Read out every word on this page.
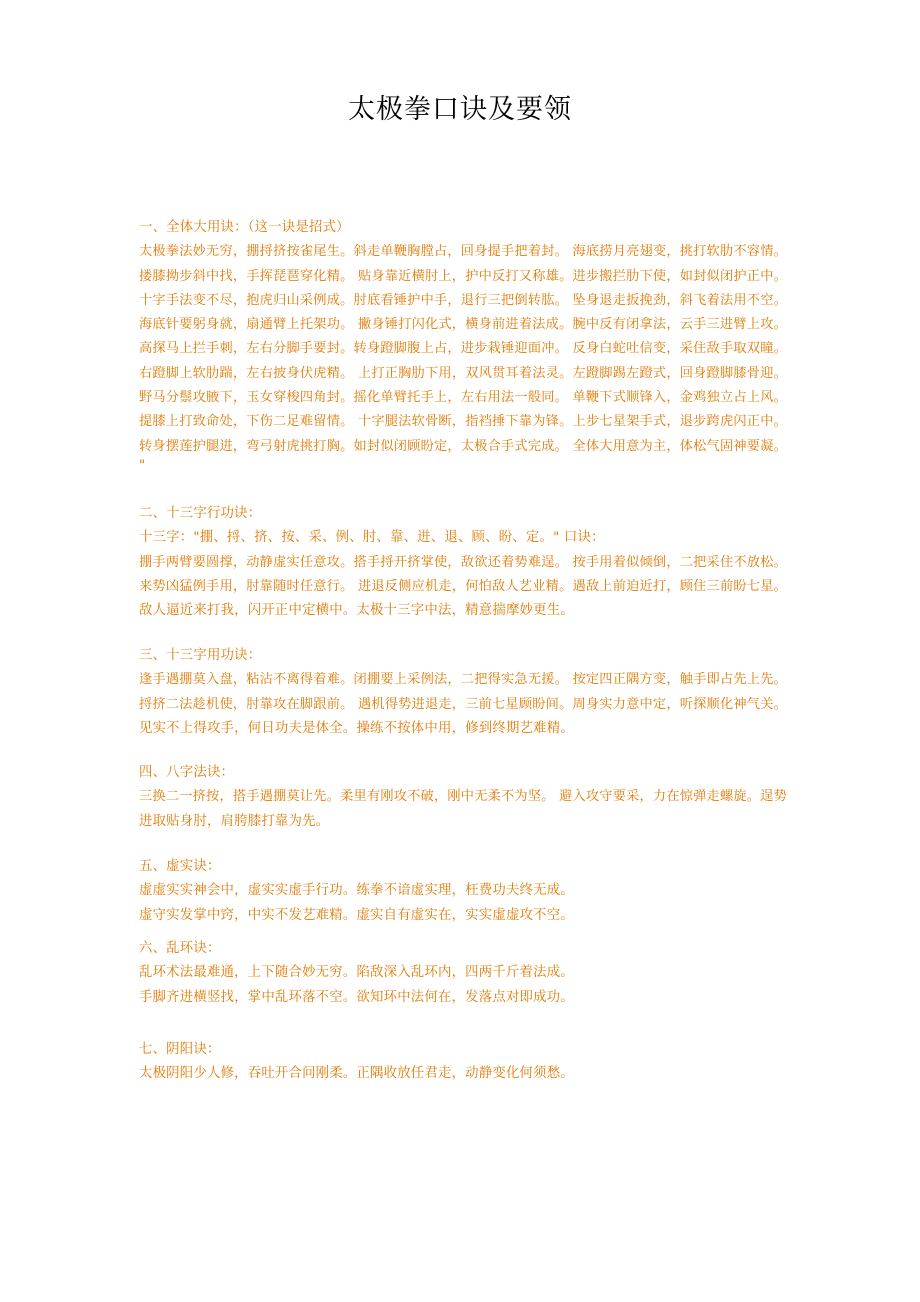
太极拳口诀及要领
一、全体大用诀：（这一诀是招式）
太极拳法妙无穷，掤捋挤按雀尾生。斜走单鞭胸膛占，回身提手把着封。 海底捞月亮翅变，挑打软肋不容情。
搂膝拗步斜中找，手挥琵琶穿化精。 贴身靠近横肘上，护中反打又称雄。进步搬拦肋下使，如封似闭护正中。
十字手法变不尽，抱虎归山采例成。肘底看锤护中手，退行三把倒转肱。 坠身退走扳挽劲，斜飞着法用不空。
海底针要躬身就，扇通臂上托架功。 撇身锤打闪化式，横身前进着法成。腕中反有闭拿法，云手三进臂上攻。
高探马上拦手刺，左右分脚手要封。转身蹬脚腹上占，进步栽锤迎面冲。 反身白蛇吐信变，采住敌手取双瞳。
右蹬脚上软肋踹，左右披身伏虎精。 上打正胸肋下用，双风贯耳着法灵。左蹬脚踢左蹬式，回身蹬脚膝骨迎。
野马分鬃攻腋下，玉女穿梭四角封。摇化单臂托手上，左右用法一般同。 单鞭下式顺锋入，金鸡独立占上风。
提膝上打致命处，下伤二足难留情。 十字腿法软骨断，指裆捶下靠为锋。上步七星架手式，退步跨虎闪正中。
转身摆莲护腿进，弯弓射虎挑打胸。如封似闭顾盼定，太极合手式完成。 全体大用意为主，体松气固神要凝。
"
二、十三字行功诀：
十三字："掤、捋、挤、按、采、例、肘、靠、进、退、顾、盼、定。" 口诀：
掤手两臂要圆撑，动静虚实任意攻。搭手捋开挤掌使，敌欲还着势难逞。 按手用着似倾倒，二把采住不放松。
来势凶猛例手用，肘靠随时任意行。 进退反侧应机走，何怕敌人艺业精。遇敌上前迫近打，顾住三前盼七星。
敌人逼近来打我，闪开正中定横中。太极十三字中法，精意揣摩妙更生。
三、十三字用功诀：
逢手遇掤莫入盘，粘沾不离得着难。闭掤要上采例法，二把得实急无援。 按定四正隅方变，触手即占先上先。
捋挤二法趁机使，肘靠攻在脚跟前。 遇机得势进退走，三前七星顾盼间。周身实力意中定，听探顺化神气关。
见实不上得攻手，何日功夫是体全。操练不按体中用，修到终期艺难精。
四、八字法诀：
三换二一挤按，搭手遇掤莫让先。柔里有刚攻不破，刚中无柔不为坚。 避入攻守要采，力在惊弹走螺旋。逞势
进取贴身肘，肩胯膝打靠为先。
五、虚实诀：
虚虚实实神会中，虚实实虚手行功。练拳不谙虚实理，枉费功夫终无成。
虚守实发掌中窍，中实不发艺难精。虚实自有虚实在，实实虚虚攻不空。
六、乱环诀：
乱环术法最难通，上下随合妙无穷。陷敌深入乱环内，四两千斤着法成。
手脚齐进横竖找，掌中乱环落不空。欲知环中法何在，发落点对即成功。
七、阴阳诀：
太极阴阳少人修，吞吐开合问刚柔。正隅收放任君走，动静变化何须愁。
